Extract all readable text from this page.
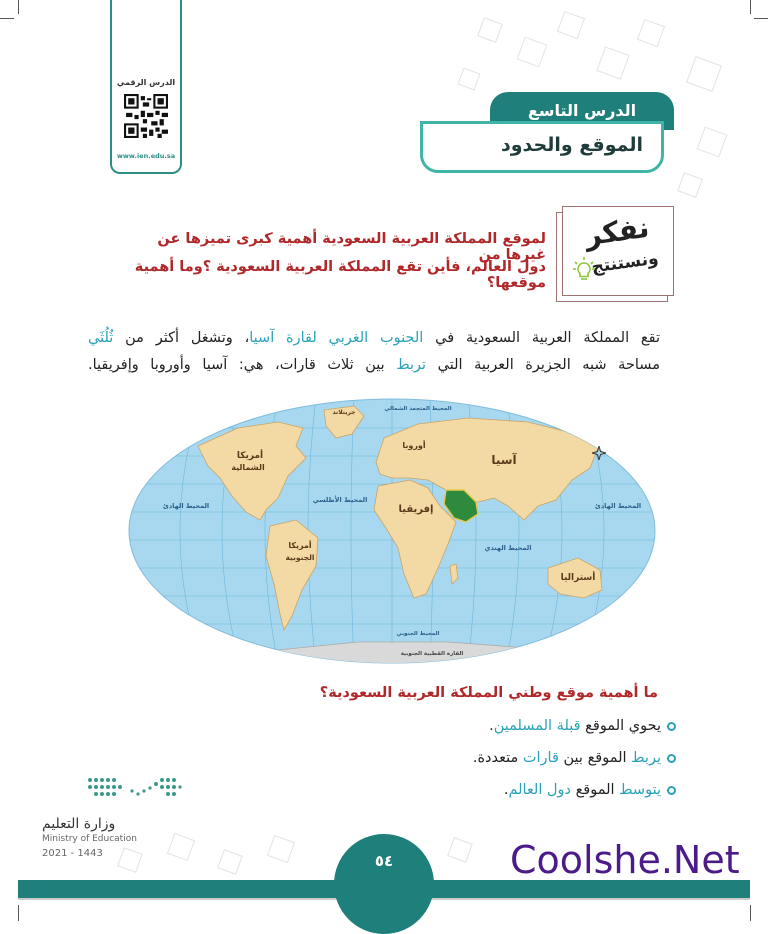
الدرس الرقمي
www.ien.edu.sa
الدرس التاسع
الموقع والحدود
نفكر
ونستنتج
لموقع المملكة العربية السعودية أهمية كبرى تميزها عن غيرها من
دول العالم، فأين تقع المملكة العربية السعودية ؟وما أهمية موقعها؟
تقع المملكة العربية السعودية في الجنوب الغربي لقارة آسيا، وتشغل أكثر من ثُلُثَي
مساحة شبه الجزيرة العربية التي تربط بين ثلاث قارات، هي: آسيا وأوروبا وإفريقيا.
جرينلاند	المحيط المتجمد الشمالي
أمريكا
الشمالية
أوروبا
آسيا
إفريقيا
المحيط الأطلسي
المحيط الهادئ	المحيط الهادئ
المحيط الهندي
أمريكا
الجنوبية
أستراليا
المحيط الجنوبي
القارة القطبية الجنوبية
ما أهمية موقع وطني المملكة العربية السعودية؟
يحوي الموقع قبلة المسلمين.
يربط الموقع بين قارات متعددة.
يتوسط الموقع دول العالم.
وزارة التعليم
Ministry of Education
2021 - 1443	٥٤	Coolshe.Net
